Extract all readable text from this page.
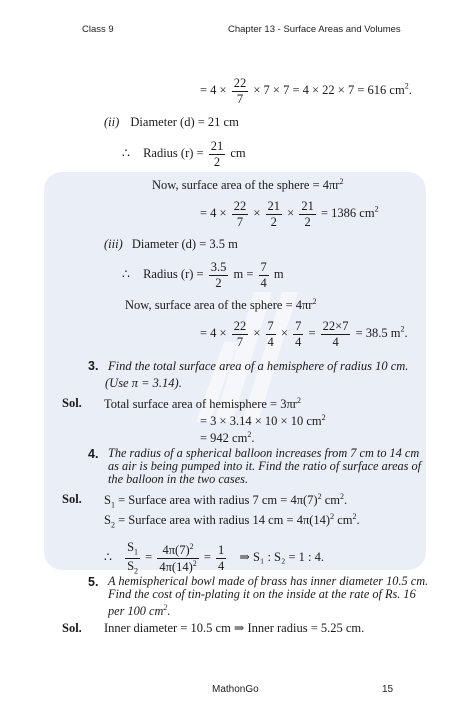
Class 9	Chapter 13 - Surface Areas and Volumes
= $4 \times \frac{22}{7} \times 7 \times 7 = 4 \times 22 \times 7 = 616$ $cm^2$.
(ii) Diameter (d) = 21 cm
∴ Radius $(r) = \frac{21}{2}$ cm
Now, surface area of the sphere = $4\pi r^2$
= $4 \times \frac{22}{7} \times \frac{21}{2} \times \frac{21}{2} = 1386$ $cm^2$
(iii) Diameter (d) = 3.5 m
∴ Radius $(r) = \frac{3.5}{2}$ $m = \frac{7}{4}$ m
Now, surface area of the sphere = $4\pi r^2$
= $4 \times \frac{22}{7} \times \frac{7}{4} \times \frac{7}{4} = \frac{22\times 7}{4} = 38.5$ $m^2$.
3. Find the total surface area of a hemisphere of radius 10 cm.
(Use π = 3.14).
Sol. Total surface area of hemisphere = $3\pi r^2$
= 3 × 3.14 × 10 × 10 $cm^2$
= 942 $cm^2$.
4. The radius of a spherical balloon increases from 7 cm to 14 cm as air is being pumped into it. Find the ratio of surface areas of the balloon in the two cases.
Sol. $S_1$ = Surface area with radius 7 cm = $4\pi(7)^2$ $cm^2$.
$S_2$ = Surface area with radius 14 cm = $4\pi(14)^2$ $cm^2$.
∴ $\frac{S_1}{S_2} = \frac{4\pi(7)^2}{4\pi(14)^2} = \frac{1}{4}$ ⇒ S₁ : S₂ = 1 : 4.
5. A hemispherical bowl made of brass has inner diameter 10.5 cm. Find the cost of tin-plating it on the inside at the rate of Rs. 16 per 100 $cm^2$.
Sol. Inner diameter = 10.5 cm ⇒ Inner radius = 5.25 cm.
MathonGo	15
